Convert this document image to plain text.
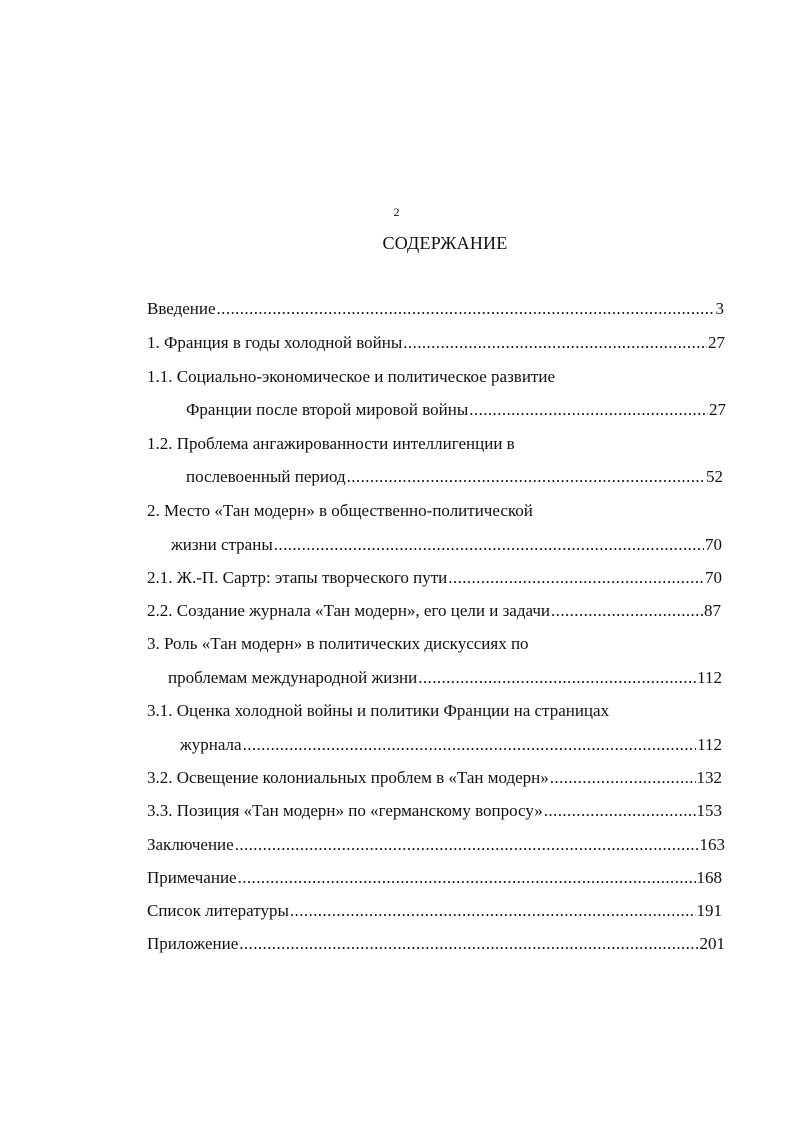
2
СОДЕРЖАНИЕ
Введение .....	3
1. Франция в годы холодной войны .....	27
1.1. Социально-экономическое и политическое развитие
Франции после второй мировой войны .....	27
1.2. Проблема ангажированности интеллигенции в
послевоенный период .....	52
2. Место «Тан модерн» в общественно-политической
жизни страны .....	70
2.1. Ж.-П. Сартр: этапы творческого пути .....	70
2.2. Создание журнала «Тан модерн», его цели и задачи .....	87
3. Роль «Тан модерн» в политических дискуссиях по
проблемам международной жизни .....	112
3.1. Оценка холодной войны и политики Франции на страницах
журнала .....	112
3.2. Освещение колониальных проблем в «Тан модерн» .....	132
3.3. Позиция «Тан модерн» по «германскому вопросу» .....	153
Заключение .....	163
Примечание .....	168
Список литературы .....	191
Приложение .....	201
